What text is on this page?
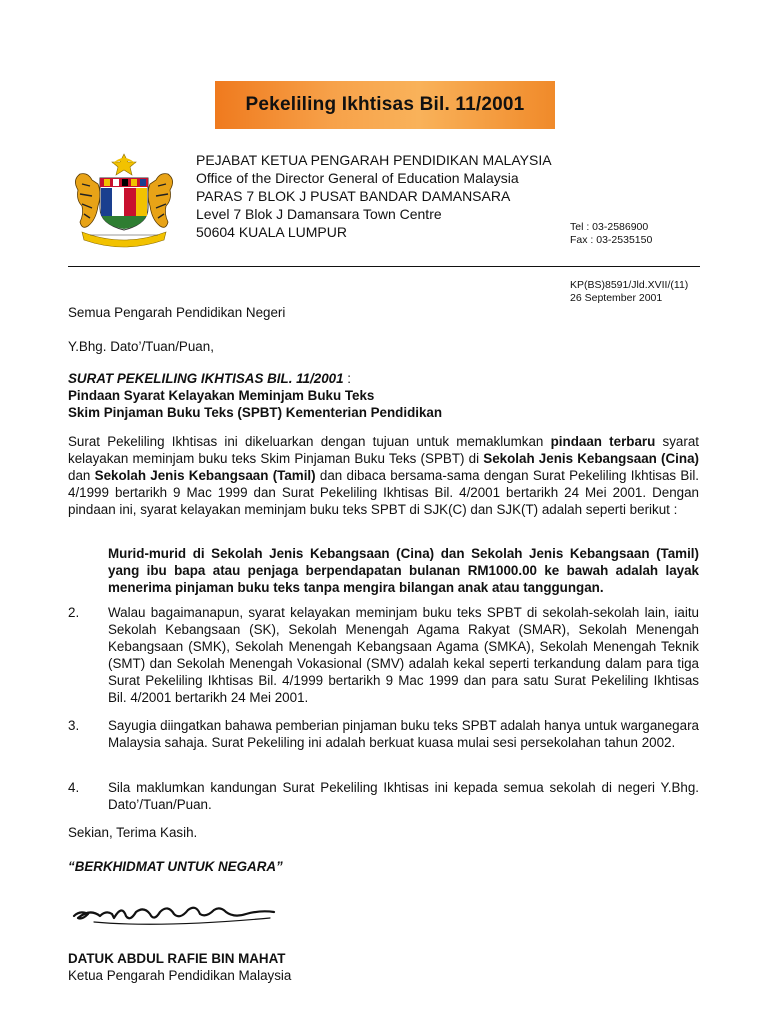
Pekeliling Ikhtisas Bil. 11/2001
PEJABAT KETUA PENGARAH PENDIDIKAN MALAYSIA
Office of the Director General of Education Malaysia
PARAS 7 BLOK J PUSAT BANDAR DAMANSARA
Level 7 Blok J Damansara Town Centre
50604 KUALA LUMPUR	Tel : 03-2586900
Fax : 03-2535150
KP(BS)8591/Jld.XVII/(11)
26 September 2001
Semua Pengarah Pendidikan Negeri
Y.Bhg. Dato’/Tuan/Puan,
SURAT PEKELILING IKHTISAS BIL. 11/2001 :
Pindaan Syarat Kelayakan Meminjam Buku Teks
Skim Pinjaman Buku Teks (SPBT) Kementerian Pendidikan
Surat Pekeliling Ikhtisas ini dikeluarkan dengan tujuan untuk memaklumkan pindaan terbaru syarat kelayakan meminjam buku teks Skim Pinjaman Buku Teks (SPBT) di Sekolah Jenis Kebangsaan (Cina) dan Sekolah Jenis Kebangsaan (Tamil) dan dibaca bersama-sama dengan Surat Pekeliling Ikhtisas Bil. 4/1999 bertarikh 9 Mac 1999 dan Surat Pekeliling Ikhtisas Bil. 4/2001 bertarikh 24 Mei 2001. Dengan pindaan ini, syarat kelayakan meminjam buku teks SPBT di SJK(C) dan SJK(T) adalah seperti berikut :
Murid-murid di Sekolah Jenis Kebangsaan (Cina) dan Sekolah Jenis Kebangsaan (Tamil) yang ibu bapa atau penjaga berpendapatan bulanan RM1000.00 ke bawah adalah layak menerima pinjaman buku teks tanpa mengira bilangan anak atau tanggungan.
2.	Walau bagaimanapun, syarat kelayakan meminjam buku teks SPBT di sekolah-sekolah lain, iaitu Sekolah Kebangsaan (SK), Sekolah Menengah Agama Rakyat (SMAR), Sekolah Menengah Kebangsaan (SMK), Sekolah Menengah Kebangsaan Agama (SMKA), Sekolah Menengah Teknik (SMT) dan Sekolah Menengah Vokasional (SMV) adalah kekal seperti terkandung dalam para tiga Surat Pekeliling Ikhtisas Bil. 4/1999 bertarikh 9 Mac 1999 dan para satu Surat Pekeliling Ikhtisas Bil. 4/2001 bertarikh 24 Mei 2001.
3.	Sayugia diingatkan bahawa pemberian pinjaman buku teks SPBT adalah hanya untuk warganegara Malaysia sahaja. Surat Pekeliling ini adalah berkuat kuasa mulai sesi persekolahan tahun 2002.
4.	Sila maklumkan kandungan Surat Pekeliling Ikhtisas ini kepada semua sekolah di negeri Y.Bhg. Dato’/Tuan/Puan.
Sekian, Terima Kasih.
“BERKHIDMAT UNTUK NEGARA”
DATUK ABDUL RAFIE BIN MAHAT
Ketua Pengarah Pendidikan Malaysia
